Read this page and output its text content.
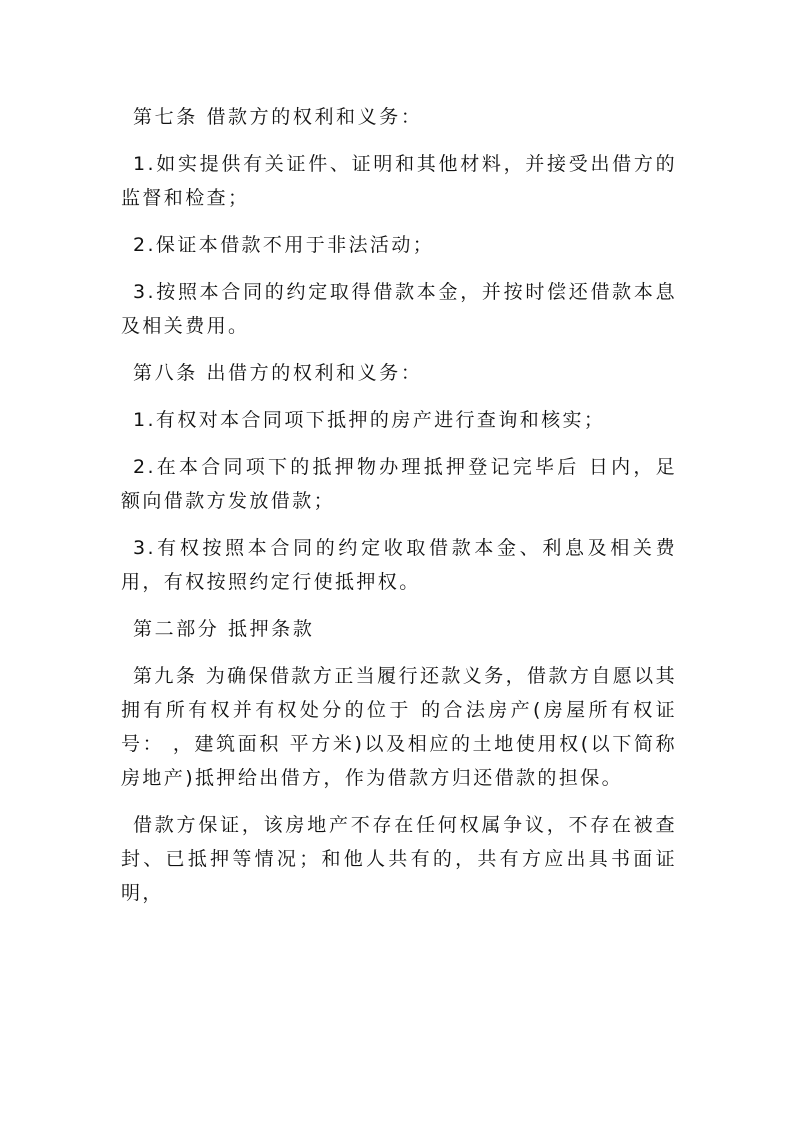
第七条 借款方的权利和义务：

1.如实提供有关证件、证明和其他材料，并接受出借方的监督和检查；

2.保证本借款不用于非法活动；

3.按照本合同的约定取得借款本金，并按时偿还借款本息及相关费用。

第八条 出借方的权利和义务：

1.有权对本合同项下抵押的房产进行查询和核实；

2.在本合同项下的抵押物办理抵押登记完毕后 日内，足额向借款方发放借款；

3.有权按照本合同的约定收取借款本金、利息及相关费用，有权按照约定行使抵押权。

第二部分 抵押条款

第九条 为确保借款方正当履行还款义务，借款方自愿以其拥有所有权并有权处分的位于 的合法房产(房屋所有权证号： ，建筑面积 平方米)以及相应的土地使用权(以下简称房地产)抵押给出借方，作为借款方归还借款的担保。

借款方保证，该房地产不存在任何权属争议，不存在被查封、已抵押等情况；和他人共有的，共有方应出具书面证明，
